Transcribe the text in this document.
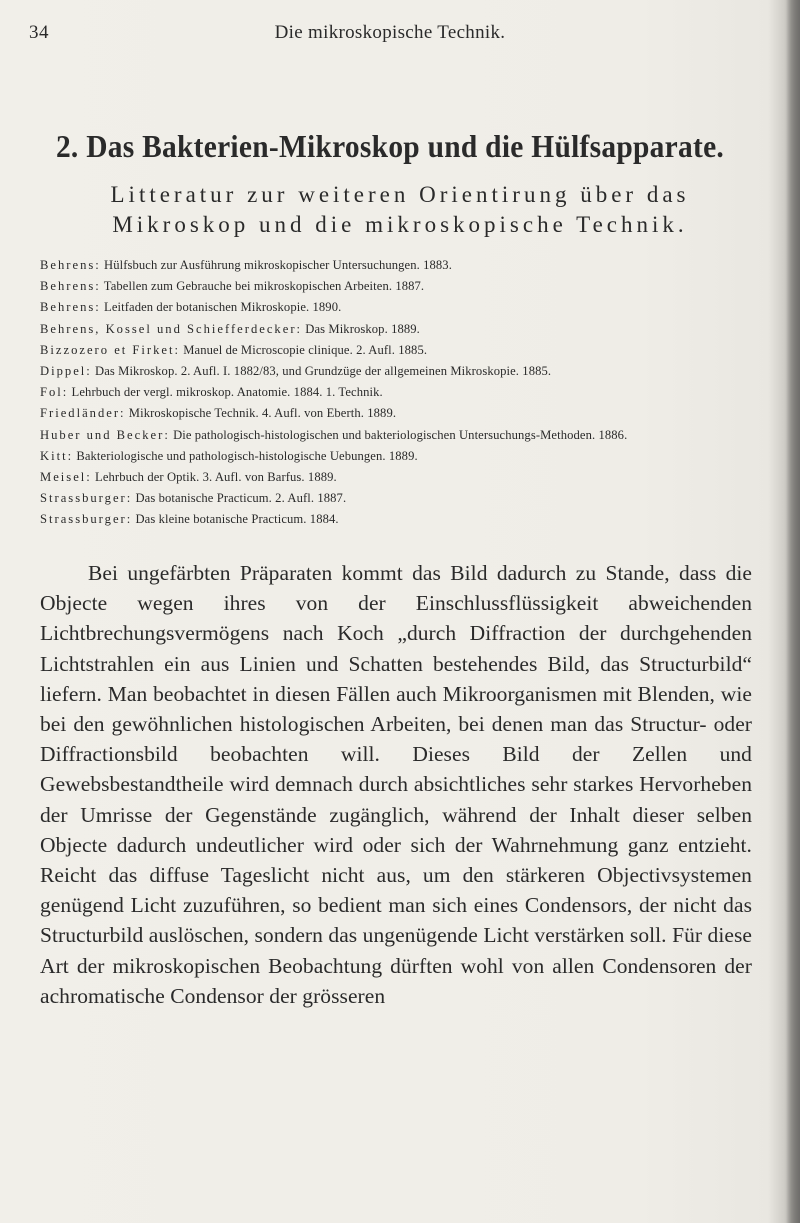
34	Die mikroskopische Technik.
2. Das Bakterien-Mikroskop und die Hülfsapparate.
Litteratur zur weiteren Orientirung über das Mikroskop und die mikroskopische Technik.
Behrens: Hülfsbuch zur Ausführung mikroskopischer Untersuchungen. 1883.
Behrens: Tabellen zum Gebrauche bei mikroskopischen Arbeiten. 1887.
Behrens: Leitfaden der botanischen Mikroskopie. 1890.
Behrens, Kossel und Schiefferdecker: Das Mikroskop. 1889.
Bizzozero et Firket: Manuel de Microscopie clinique. 2. Aufl. 1885.
Dippel: Das Mikroskop. 2. Aufl. I. 1882/83, und Grundzüge der allgemeinen Mikroskopie. 1885.
Fol: Lehrbuch der vergl. mikroskop. Anatomie. 1884. 1. Technik.
Friedländer: Mikroskopische Technik. 4. Aufl. von Eberth. 1889.
Huber und Becker: Die pathologisch-histologischen und bakteriologischen Untersuchungs-Methoden. 1886.
Kitt: Bakteriologische und pathologisch-histologische Uebungen. 1889.
Meisel: Lehrbuch der Optik. 3. Aufl. von Barfus. 1889.
Strassburger: Das botanische Practicum. 2. Aufl. 1887.
Strassburger: Das kleine botanische Practicum. 1884.

Bei ungefärbten Präparaten kommt das Bild dadurch zu Stande, dass die Objecte wegen ihres von der Einschlussflüssigkeit abweichenden Lichtbrechungsvermögens nach Koch „durch Diffraction der durchgehenden Lichtstrahlen ein aus Linien und Schatten bestehendes Bild, das Structurbild“ liefern. Man beobachtet in diesen Fällen auch Mikroorganismen mit Blenden, wie bei den gewöhnlichen histologischen Arbeiten, bei denen man das Structur- oder Diffractionsbild beobachten will. Dieses Bild der Zellen und Gewebsbestandtheile wird demnach durch absichtliches sehr starkes Hervorheben der Umrisse der Gegenstände zugänglich, während der Inhalt dieser selben Objecte dadurch undeutlicher wird oder sich der Wahrnehmung ganz entzieht. Reicht das diffuse Tageslicht nicht aus, um den stärkeren Objectivsystemen genügend Licht zuzuführen, so bedient man sich eines Condensors, der nicht das Structurbild auslöschen, sondern das ungenügende Licht verstärken soll. Für diese Art der mikroskopischen Beobachtung dürften wohl von allen Condensoren der achromatische Condensor der grösseren
